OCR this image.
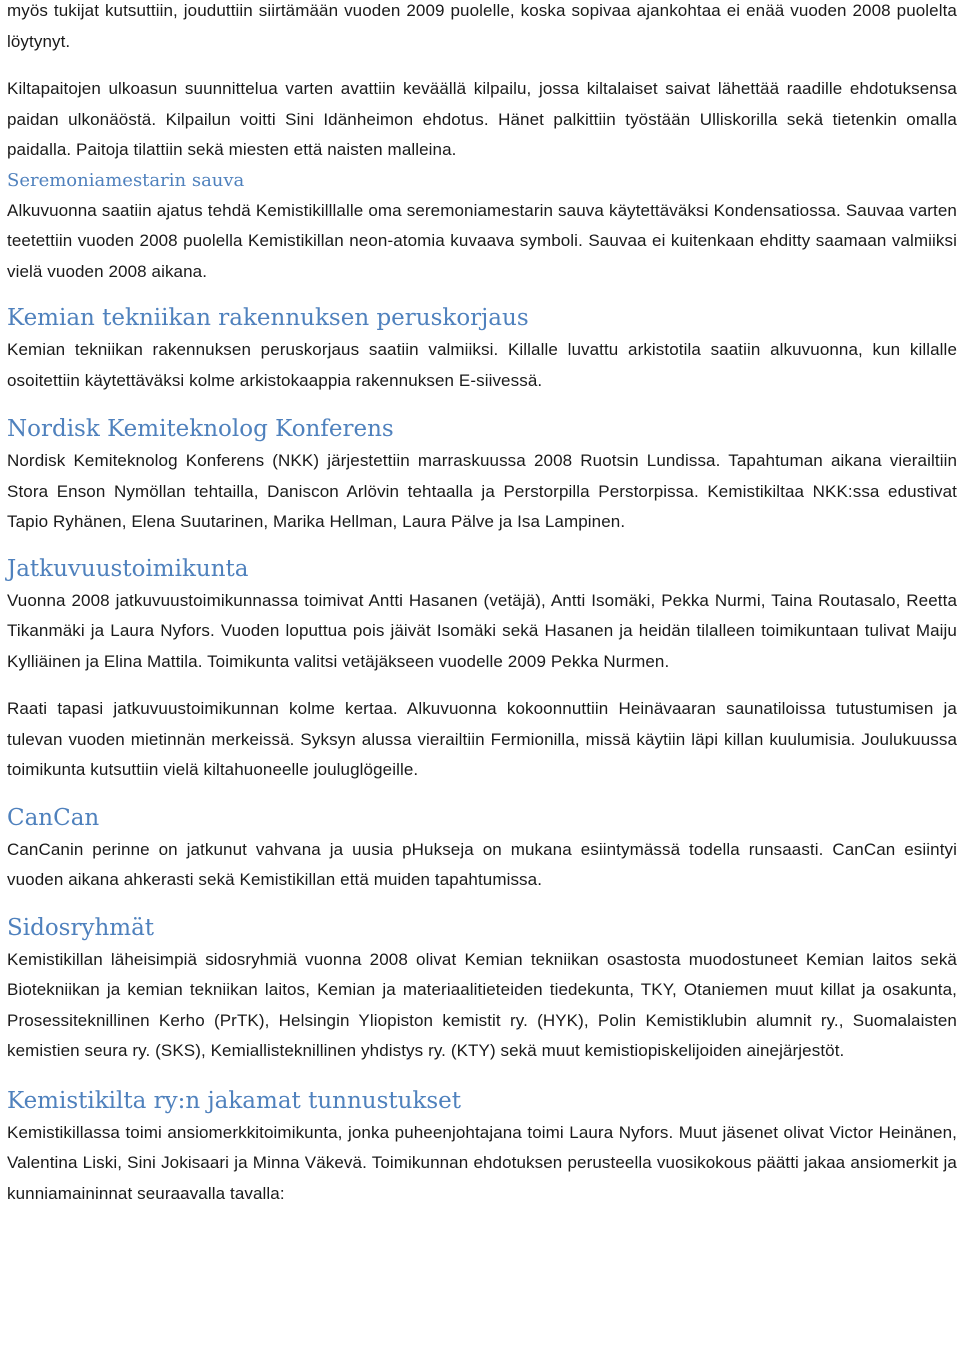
myös tukijat kutsuttiin, jouduttiin siirtämään vuoden 2009 puolelle, koska sopivaa ajankohtaa ei enää vuoden 2008 puolelta löytynyt.

Kiltapaitojen ulkoasun suunnittelua varten avattiin keväällä kilpailu, jossa kiltalaiset saivat lähettää raadille ehdotuksensa paidan ulkonäöstä. Kilpailun voitti Sini Idänheimon ehdotus. Hänet palkittiin työstään Ulliskorilla sekä tietenkin omalla paidalla. Paitoja tilattiin sekä miesten että naisten malleina.

Seremoniamestarin sauva

Alkuvuonna saatiin ajatus tehdä Kemistikilllalle oma seremoniamestarin sauva käytettäväksi Kondensatiossa. Sauvaa varten teetettiin vuoden 2008 puolella Kemistikillan neon-atomia kuvaava symboli. Sauvaa ei kuitenkaan ehditty saamaan valmiiksi vielä vuoden 2008 aikana.

Kemian tekniikan rakennuksen peruskorjaus

Kemian tekniikan rakennuksen peruskorjaus saatiin valmiiksi. Killalle luvattu arkistotila saatiin alkuvuonna, kun killalle osoitettiin käytettäväksi kolme arkistokaappia rakennuksen E-siivessä.

Nordisk Kemiteknolog Konferens

Nordisk Kemiteknolog Konferens (NKK) järjestettiin marraskuussa 2008 Ruotsin Lundissa. Tapahtuman aikana vierailtiin Stora Enson Nymöllan tehtailla, Daniscon Arlövin tehtaalla ja Perstorpilla Perstorpissa. Kemistikiltaa NKK:ssa edustivat Tapio Ryhänen, Elena Suutarinen, Marika Hellman, Laura Pälve ja Isa Lampinen.

Jatkuvuustoimikunta

Vuonna 2008 jatkuvuustoimikunnassa toimivat Antti Hasanen (vetäjä), Antti Isomäki, Pekka Nurmi, Taina Routasalo, Reetta Tikanmäki ja Laura Nyfors. Vuoden loputtua pois jäivät Isomäki sekä Hasanen ja heidän tilalleen toimikuntaan tulivat Maiju Kylliäinen ja Elina Mattila. Toimikunta valitsi vetäjäkseen vuodelle 2009 Pekka Nurmen.

Raati tapasi jatkuvuustoimikunnan kolme kertaa. Alkuvuonna kokoonnuttiin Heinävaaran saunatiloissa tutustumisen ja tulevan vuoden mietinnän merkeissä. Syksyn alussa vierailtiin Fermionilla, missä käytiin läpi killan kuulumisia. Joulukuussa toimikunta kutsuttiin vielä kiltahuoneelle jouluglögeille.

CanCan

CanCanin perinne on jatkunut vahvana ja uusia pHukseja on mukana esiintymässä todella runsaasti. CanCan esiintyi vuoden aikana ahkerasti sekä Kemistikillan että muiden tapahtumissa.

Sidosryhmät

Kemistikillan läheisimpiä sidosryhmiä vuonna 2008 olivat Kemian tekniikan osastosta muodostuneet Kemian laitos sekä Biotekniikan ja kemian tekniikan laitos, Kemian ja materiaalitieteiden tiedekunta, TKY, Otaniemen muut killat ja osakunta, Prosessiteknillinen Kerho (PrTK), Helsingin Yliopiston kemistit ry. (HYK), Polin Kemistiklubin alumnit ry., Suomalaisten kemistien seura ry. (SKS), Kemiallisteknillinen yhdistys ry. (KTY) sekä muut kemistiopiskelijoiden ainejärjestöt.

Kemistikilta ry:n jakamat tunnustukset

Kemistikillassa toimi ansiomerkkitoimikunta, jonka puheenjohtajana toimi Laura Nyfors. Muut jäsenet olivat Victor Heinänen, Valentina Liski, Sini Jokisaari ja Minna Väkevä. Toimikunnan ehdotuksen perusteella vuosikokous päätti jakaa ansiomerkit ja kunniamaininnat seuraavalla tavalla:
